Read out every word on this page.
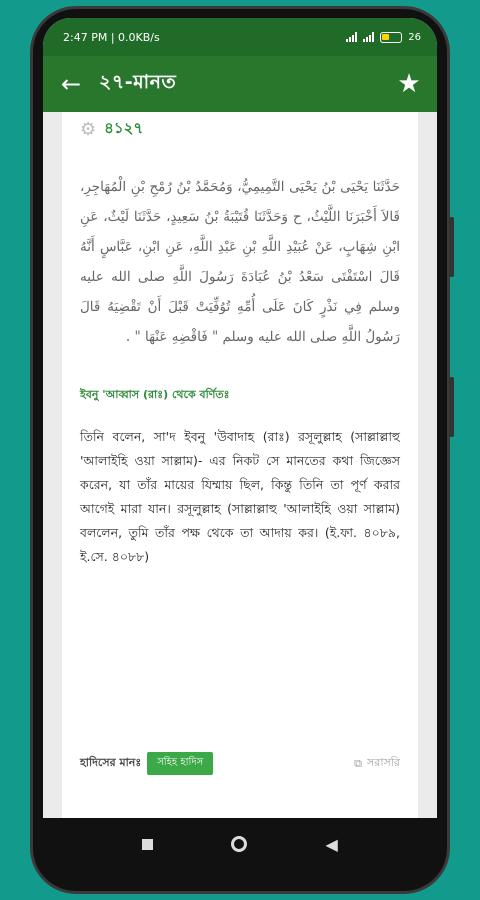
2:47 PM | 0.0KB/s	26
← ২৭-মানত	★
⚙ ৪১২৭
حَدَّثَنَا يَحْيَى بْنُ يَحْيَى التَّمِيمِيُّ، وَمُحَمَّدُ بْنُ رُمْحِ بْنِ الْمُهَاجِرِ، قَالاَ أَخْبَرَنَا اللَّيْثُ، ح وَحَدَّثَنَا قُتَيْبَةُ بْنُ سَعِيدٍ، حَدَّثَنَا لَيْثٌ، عَنِ ابْنِ شِهَابٍ، عَنْ عُبَيْدِ اللَّهِ بْنِ عَبْدِ اللَّهِ، عَنِ ابْنِ، عَبَّاسٍ أَنَّهُ قَالَ اسْتَفْتَى سَعْدُ بْنُ عُبَادَةَ رَسُولَ اللَّهِ صلى الله عليه وسلم فِي نَذْرٍ كَانَ عَلَى أُمِّهِ تُوُفِّيَتْ قَبْلَ أَنْ تَقْضِيَهُ قَالَ رَسُولُ اللَّهِ صلى الله عليه وسلم " فَاقْضِهِ عَنْهَا " .
ইবনু 'আব্বাস (রাঃ) থেকে বর্ণিতঃ
তিনি বলেন, সা'দ ইবনু 'উবাদাহ (রাঃ) রসূলুল্লাহ (সাল্লাল্লাহু 'আলাইহি ওয়া সাল্লাম)- এর নিকট সে মানতের কথা জিজ্ঞেস করেন, যা তাঁর মায়ের যিম্মায় ছিল, কিন্তু তিনি তা পূর্ণ করার আগেই মারা যান। রসূলুল্লাহ (সাল্লাল্লাহু 'আলাইহি ওয়া সাল্লাম) বললেন, তুমি তাঁর পক্ষ থেকে তা আদায় কর। (ই.ফা. ৪০৮৯, ই.সে. ৪০৮৮)
হাদিসের মানঃ	সহিহ হাদিস	⧉ সরাসরি
◀
